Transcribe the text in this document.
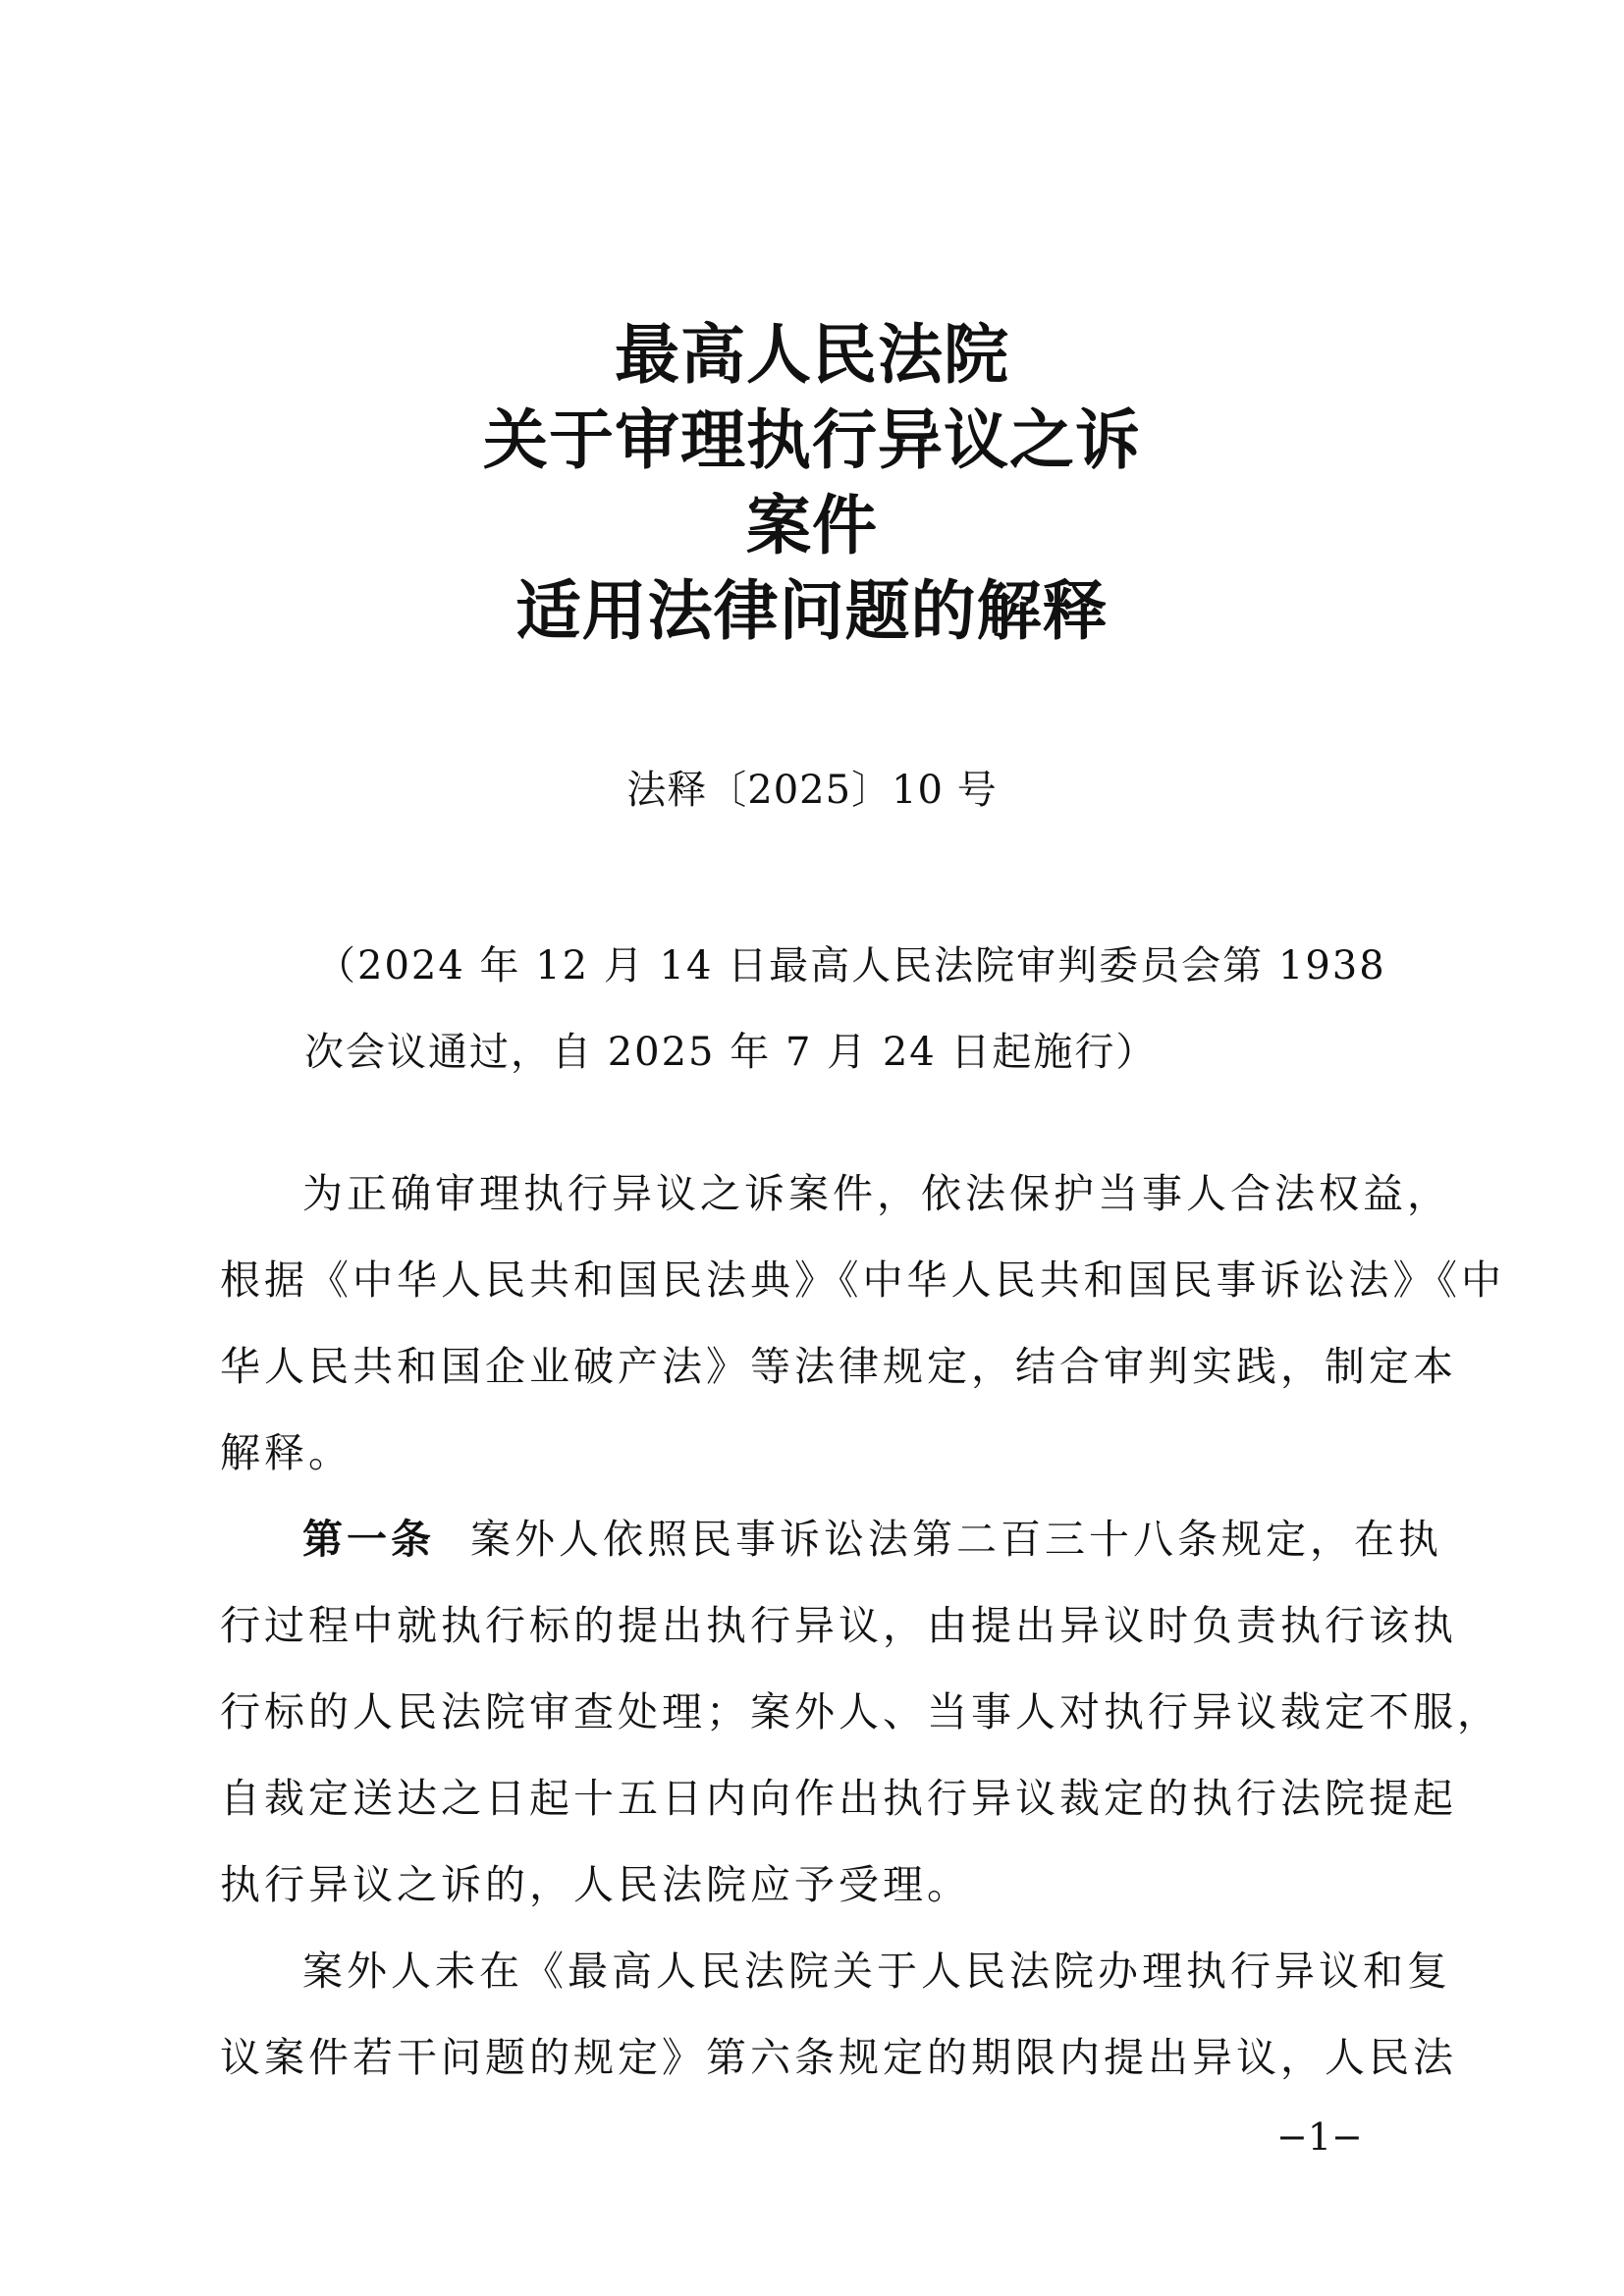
最高人民法院
关于审理执行异议之诉
案件
适用法律问题的解释
法释〔2025〕10 号
（2024 年 12 月 14 日最高人民法院审判委员会第 1938
次会议通过，自 2025 年 7 月 24 日起施行）
为正确审理执行异议之诉案件，依法保护当事人合法权益，
根据《中华人民共和国民法典》《中华人民共和国民事诉讼法》《中
华人民共和国企业破产法》等法律规定，结合审判实践，制定本
解释。
第一条 案外人依照民事诉讼法第二百三十八条规定，在执
行过程中就执行标的提出执行异议，由提出异议时负责执行该执
行标的人民法院审查处理；案外人、当事人对执行异议裁定不服，
自裁定送达之日起十五日内向作出执行异议裁定的执行法院提起
执行异议之诉的，人民法院应予受理。
案外人未在《最高人民法院关于人民法院办理执行异议和复
议案件若干问题的规定》第六条规定的期限内提出异议，人民法
−1−
